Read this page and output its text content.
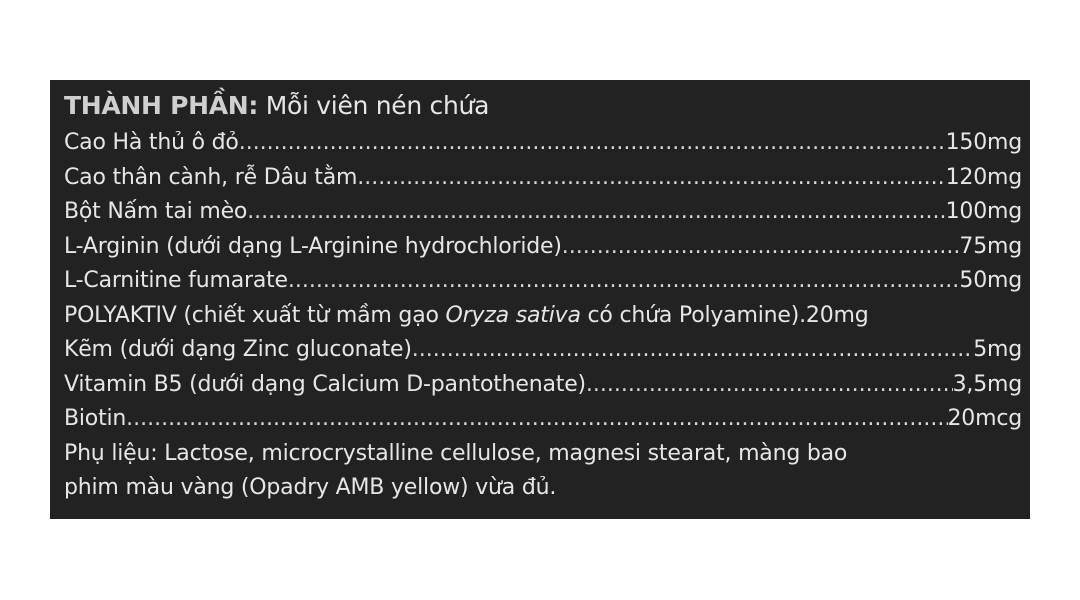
THÀNH PHẦN: Mỗi viên nén chứa
Cao Hà thủ ô đỏ .....	150mg
Cao thân cành, rễ Dâu tằm .....	120mg
Bột Nấm tai mèo .....	100mg
L-Arginin (dưới dạng L-Arginine hydrochloride) .....	75mg
L-Carnitine fumarate .....	50mg
POLYAKTIV (chiết xuất từ mầm gạo Oryza sativa có chứa Polyamine). 20mg
Kẽm (dưới dạng Zinc gluconate) .....	5mg
Vitamin B5 (dưới dạng Calcium D-pantothenate) .....	3,5mg
Biotin .....	20mcg
Phụ liệu: Lactose, microcrystalline cellulose, magnesi stearat, màng bao
phim màu vàng (Opadry AMB yellow) vừa đủ.
